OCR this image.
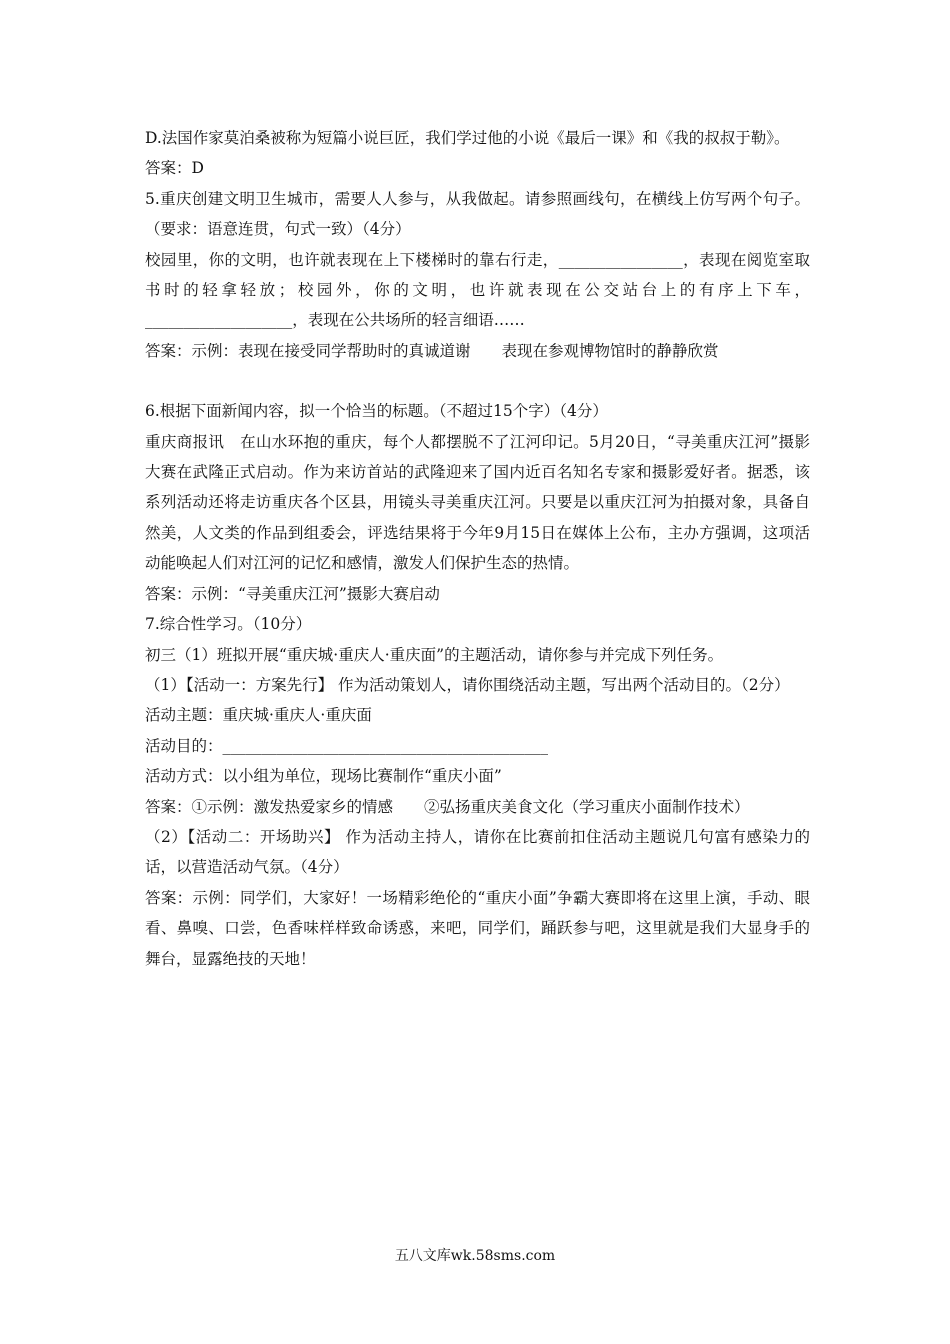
D.法国作家莫泊桑被称为短篇小说巨匠，我们学过他的小说《最后一课》和《我的叔叔于勒》。

答案：D

5.重庆创建文明卫生城市，需要人人参与，从我做起。请参照画线句，在横线上仿写两个句子。（要求：语意连贯，句式一致）（4分）

校园里，你的文明，也许就表现在上下楼梯时的靠右行走，________________，表现在阅览室取书时的轻拿轻放；校园外，你的文明，也许就表现在公交站台上的有序上下车，___________________，表现在公共场所的轻言细语……

答案：示例：表现在接受同学帮助时的真诚道谢　　表现在参观博物馆时的静静欣赏

6.根据下面新闻内容，拟一个恰当的标题。（不超过15个字）（4分）

重庆商报讯　在山水环抱的重庆，每个人都摆脱不了江河印记。5月20日，“寻美重庆江河”摄影大赛在武隆正式启动。作为来访首站的武隆迎来了国内近百名知名专家和摄影爱好者。据悉，该系列活动还将走访重庆各个区县，用镜头寻美重庆江河。只要是以重庆江河为拍摄对象，具备自然美，人文类的作品到组委会，评选结果将于今年9月15日在媒体上公布，主办方强调，这项活动能唤起人们对江河的记忆和感情，激发人们保护生态的热情。

答案：示例：“寻美重庆江河”摄影大赛启动

7.综合性学习。（10分）

初三（1）班拟开展“重庆城·重庆人·重庆面”的主题活动，请你参与并完成下列任务。

（1）【活动一：方案先行】 作为活动策划人，请你围绕活动主题，写出两个活动目的。（2分）

活动主题：重庆城·重庆人·重庆面

活动目的：__________________________________________

活动方式：以小组为单位，现场比赛制作“重庆小面”

答案：①示例：激发热爱家乡的情感　　②弘扬重庆美食文化（学习重庆小面制作技术）

（2）【活动二：开场助兴】 作为活动主持人，请你在比赛前扣住活动主题说几句富有感染力的话，以营造活动气氛。（4分）

答案：示例：同学们，大家好！一场精彩绝伦的“重庆小面”争霸大赛即将在这里上演，手动、眼看、鼻嗅、口尝，色香味样样致命诱惑，来吧，同学们，踊跃参与吧，这里就是我们大显身手的舞台，显露绝技的天地！

五八文库wk.58sms.com
